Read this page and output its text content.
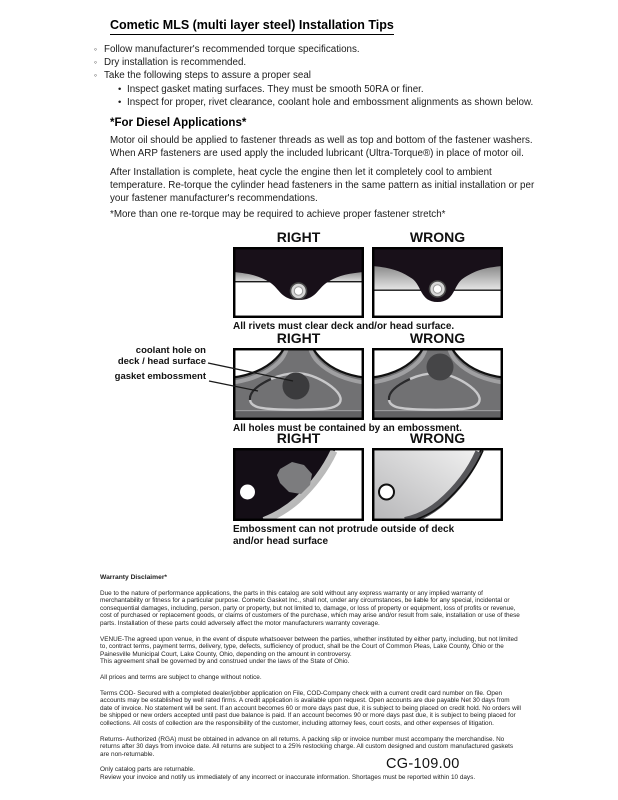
Cometic MLS (multi layer steel) Installation Tips
◦ Follow manufacturer's recommended torque specifications.
◦ Dry installation is recommended.
◦ Take the following steps to assure a proper seal
• Inspect gasket mating surfaces. They must be smooth 50RA or finer.
• Inspect for proper, rivet clearance, coolant hole and embossment alignments as shown below.
*For Diesel Applications*
Motor oil should be applied to fastener threads as well as top and bottom of the fastener washers. When ARP fasteners are used apply the included lubricant (Ultra-Torque®) in place of motor oil.
After Installation is complete, heat cycle the engine then let it completely cool to ambient temperature. Re-torque the cylinder head fasteners in the same pattern as initial installation or per your fastener manufacturer's recommendations.
*More than one re-torque may be required to achieve proper fastener stretch*
RIGHT	WRONG
All rivets must clear deck and/or head surface.
RIGHT	WRONG
All holes must be contained by an embossment.
coolant hole on
deck / head surface
gasket embossment
RIGHT	WRONG
Embossment can not protrude outside of deck
and/or head surface
Warranty Disclaimer*
Due to the nature of performance applications, the parts in this catalog are sold without any express warranty or any implied warranty of merchantability or fitness for a particular purpose. Cometic Gasket Inc., shall not, under any circumstances, be liable for any special, incidental or consequential damages, including, person, party or property, but not limited to, damage, or loss of property or equipment, loss of profits or revenue, cost of purchased or replacement goods, or claims of customers of the purchase, which may arise and/or result from sale, installation or use of these parts. Installation of these parts could adversely affect the motor manufacturers warranty coverage.
VENUE-The agreed upon venue, in the event of dispute whatsoever between the parties, whether instituted by either party, including, but not limited to, contract terms, payment terms, delivery, type, defects, sufficiency of product, shall be the Court of Common Pleas, Lake County, Ohio or the Painesville Municipal Court, Lake County, Ohio, depending on the amount in controversy.
This agreement shall be governed by and construed under the laws of the State of Ohio.
All prices and terms are subject to change without notice.
Terms COD- Secured with a completed dealer/jobber application on File, COD-Company check with a current credit card number on file. Open accounts may be established by well rated firms. A credit application is available upon request. Open accounts are due payable Net 30 days from date of invoice. No statement will be sent. If an account becomes 60 or more days past due, it is subject to being placed on credit hold. No orders will be shipped or new orders accepted until past due balance is paid. If an account becomes 90 or more days past due, it is subject to being placed for collections. All costs of collection are the responsibility of the customer, including attorney fees, court costs, and other expenses of litigation.
Returns- Authorized (RGA) must be obtained in advance on all returns. A packing slip or invoice number must accompany the merchandise. No returns after 30 days from invoice date. All returns are subject to a 25% restocking charge. All custom designed and custom manufactured gaskets are non-returnable.
Only catalog parts are returnable.
Review your invoice and notify us immediately of any incorrect or inaccurate information. Shortages must be reported within 10 days.
CG-109.00
